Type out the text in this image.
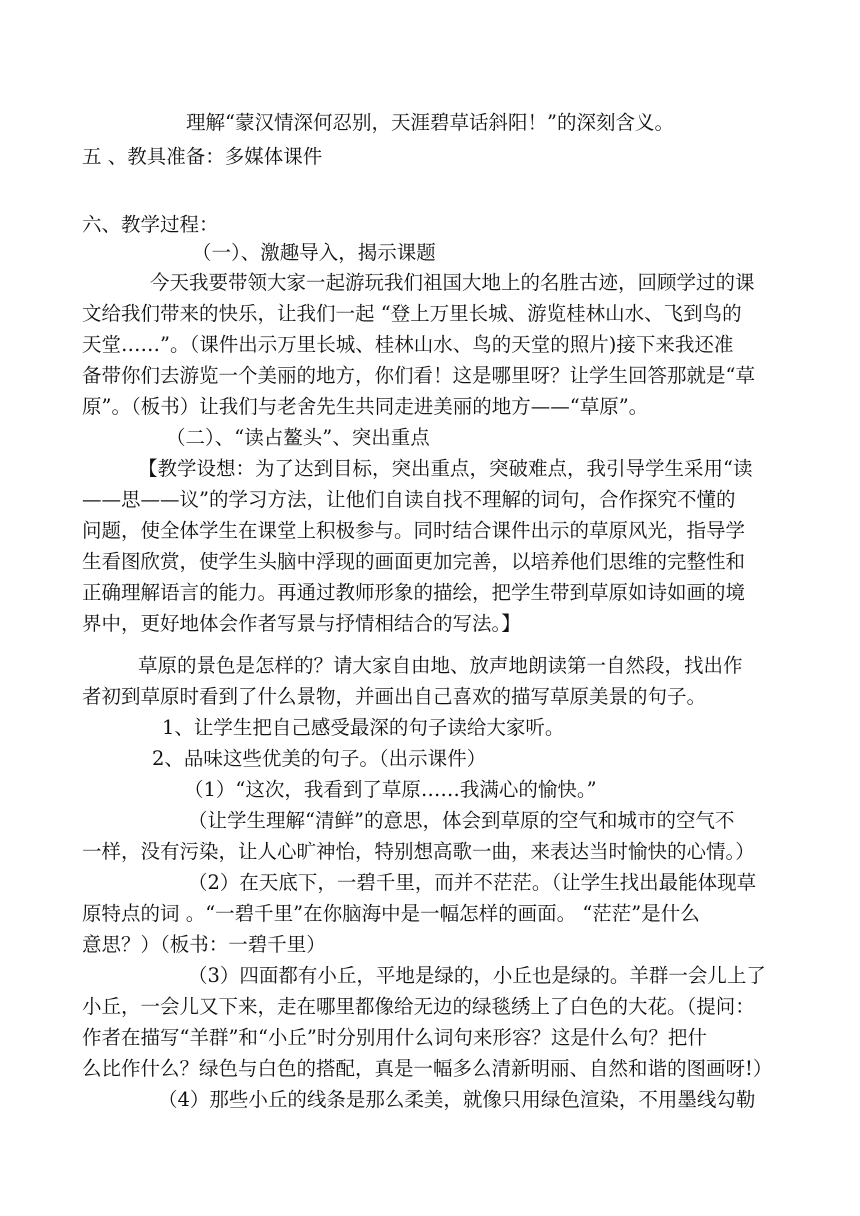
理解“蒙汉情深何忍别，天涯碧草话斜阳！”的深刻含义。
五 、教具准备：多媒体课件
六、教学过程：
（一）、激趣导入，揭示课题
今天我要带领大家一起游玩我们祖国大地上的名胜古迹，回顾学过的课
文给我们带来的快乐，让我们一起 “登上万里长城、游览桂林山水、飞到鸟的
天堂……”。（课件出示万里长城、桂林山水、鸟的天堂的照片)接下来我还准
备带你们去游览一个美丽的地方，你们看！这是哪里呀？让学生回答那就是“草
原”。（板书）让我们与老舍先生共同走进美丽的地方——“草原”。
（二）、“读占鳌头”、突出重点
【教学设想：为了达到目标，突出重点，突破难点，我引导学生采用“读
——思——议”的学习方法，让他们自读自找不理解的词句，合作探究不懂的
问题，使全体学生在课堂上积极参与。同时结合课件出示的草原风光，指导学
生看图欣赏，使学生头脑中浮现的画面更加完善，以培养他们思维的完整性和
正确理解语言的能力。再通过教师形象的描绘，把学生带到草原如诗如画的境
界中，更好地体会作者写景与抒情相结合的写法。】
草原的景色是怎样的？请大家自由地、放声地朗读第一自然段，找出作
者初到草原时看到了什么景物，并画出自己喜欢的描写草原美景的句子。
1、让学生把自己感受最深的句子读给大家听。
2、品味这些优美的句子。（出示课件）
（1）“这次，我看到了草原……我满心的愉快。”
（让学生理解“清鲜”的意思，体会到草原的空气和城市的空气不
一样，没有污染，让人心旷神怡，特别想高歌一曲，来表达当时愉快的心情。）
（2）在天底下，一碧千里，而并不茫茫。（让学生找出最能体现草
原特点的词 。“一碧千里”在你脑海中是一幅怎样的画面。 “茫茫”是什么
意思？）（板书：一碧千里）
（3）四面都有小丘，平地是绿的，小丘也是绿的。羊群一会儿上了
小丘，一会儿又下来，走在哪里都像给无边的绿毯绣上了白色的大花。（提问：
作者在描写“羊群”和“小丘”时分别用什么词句来形容？这是什么句？把什
么比作什么？绿色与白色的搭配，真是一幅多么清新明丽、自然和谐的图画呀!）
（4）那些小丘的线条是那么柔美，就像只用绿色渲染，不用墨线勾勒
